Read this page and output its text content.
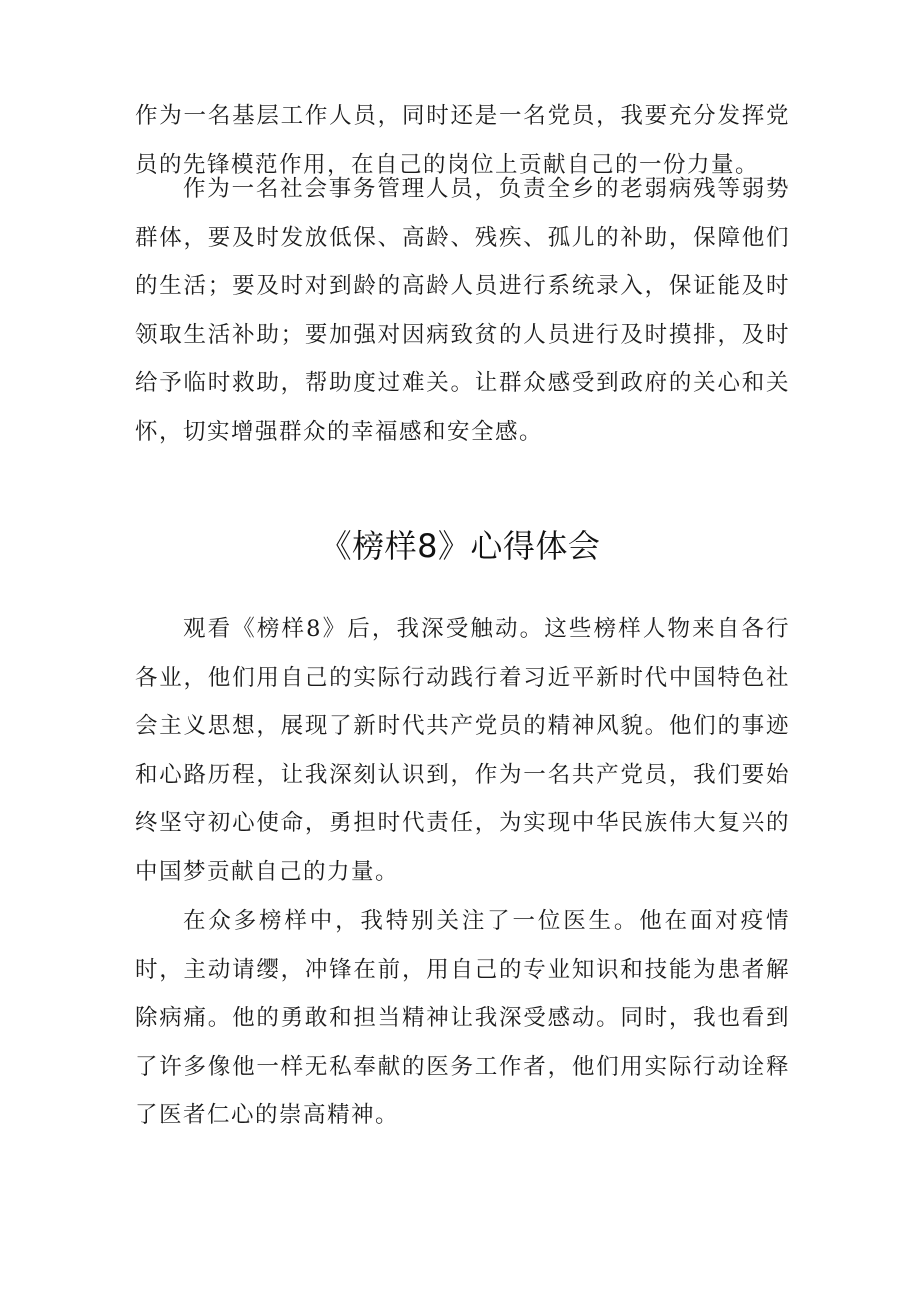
作为一名基层工作人员，同时还是一名党员，我要充分发挥党员的先锋模范作用，在自己的岗位上贡献自己的一份力量。

作为一名社会事务管理人员，负责全乡的老弱病残等弱势群体，要及时发放低保、高龄、残疾、孤儿的补助，保障他们的生活；要及时对到龄的高龄人员进行系统录入，保证能及时领取生活补助；要加强对因病致贫的人员进行及时摸排，及时给予临时救助，帮助度过难关。让群众感受到政府的关心和关怀，切实增强群众的幸福感和安全感。

《榜样8》心得体会

观看《榜样8》后，我深受触动。这些榜样人物来自各行各业，他们用自己的实际行动践行着习近平新时代中国特色社会主义思想，展现了新时代共产党员的精神风貌。他们的事迹和心路历程，让我深刻认识到，作为一名共产党员，我们要始终坚守初心使命，勇担时代责任，为实现中华民族伟大复兴的中国梦贡献自己的力量。

在众多榜样中，我特别关注了一位医生。他在面对疫情时，主动请缨，冲锋在前，用自己的专业知识和技能为患者解除病痛。他的勇敢和担当精神让我深受感动。同时，我也看到了许多像他一样无私奉献的医务工作者，他们用实际行动诠释了医者仁心的崇高精神。
